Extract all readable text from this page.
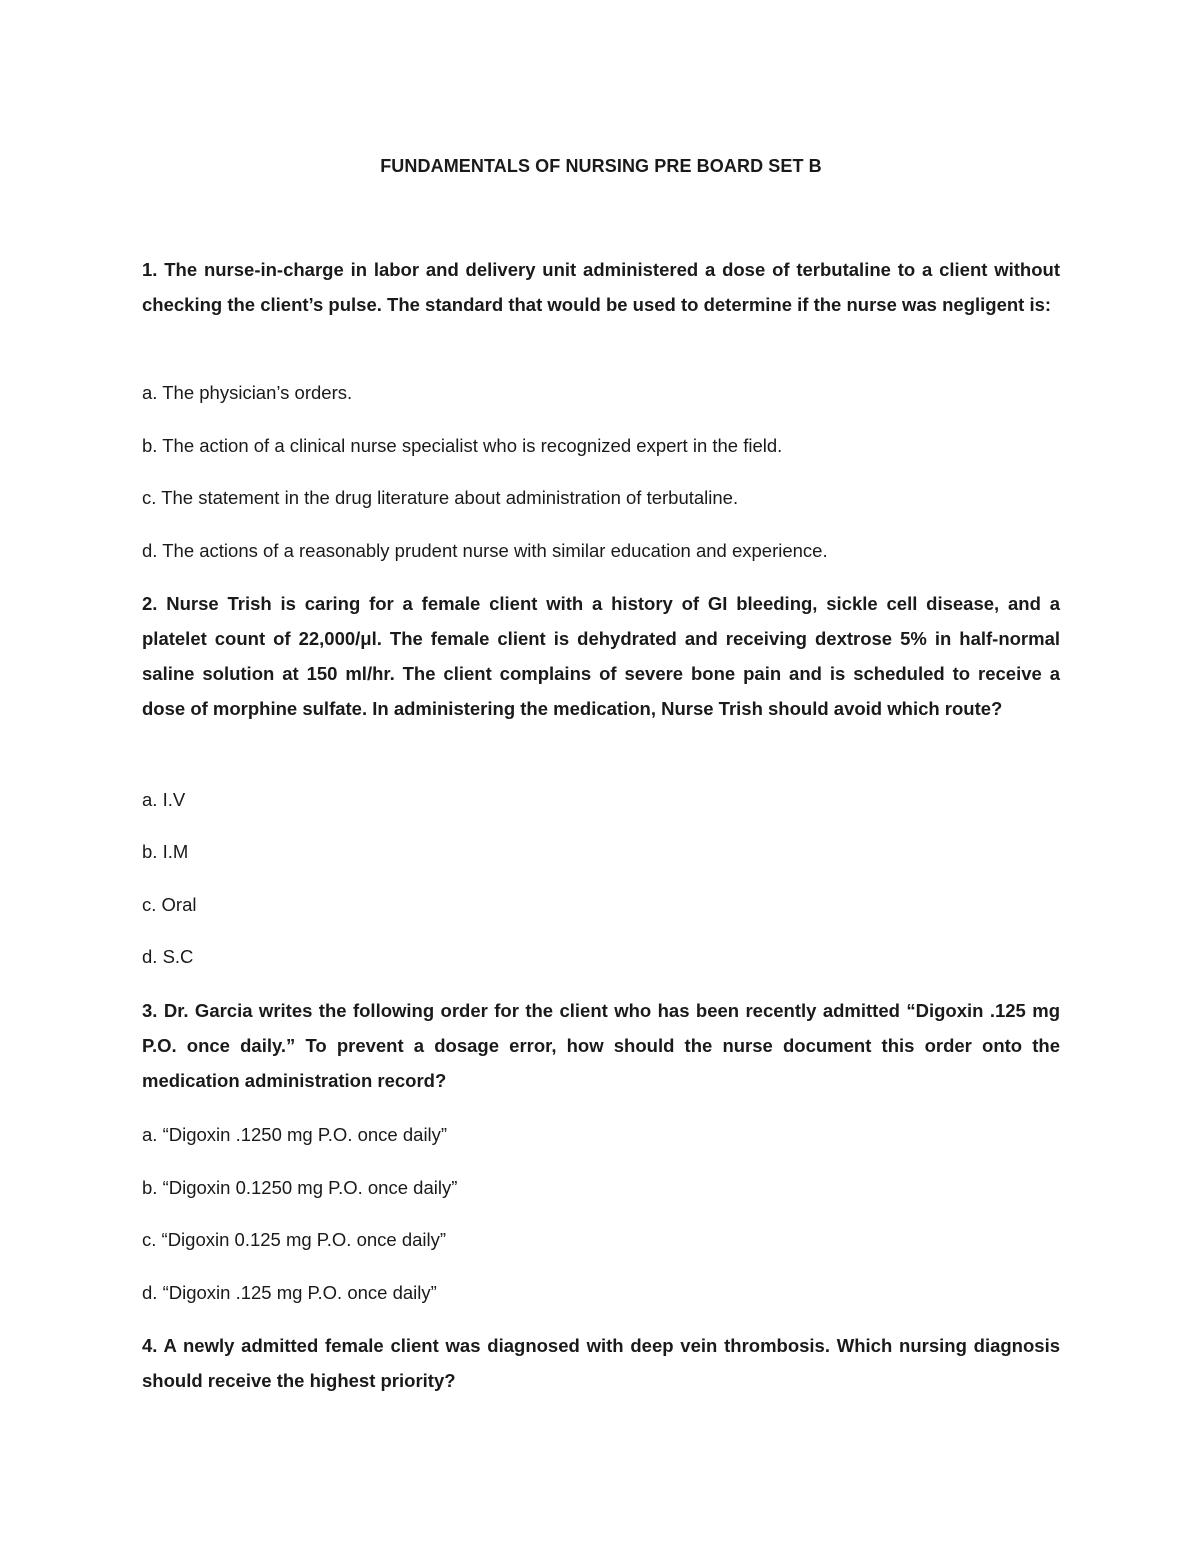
FUNDAMENTALS OF NURSING PRE BOARD SET B

1. The nurse-in-charge in labor and delivery unit administered a dose of terbutaline to a client without checking the client’s pulse. The standard that would be used to determine if the nurse was negligent is:

a. The physician’s orders.

b. The action of a clinical nurse specialist who is recognized expert in the field.

c. The statement in the drug literature about administration of terbutaline.

d. The actions of a reasonably prudent nurse with similar education and experience.

2. Nurse Trish is caring for a female client with a history of GI bleeding, sickle cell disease, and a platelet count of 22,000/μl. The female client is dehydrated and receiving dextrose 5% in half-normal saline solution at 150 ml/hr. The client complains of severe bone pain and is scheduled to receive a dose of morphine sulfate. In administering the medication, Nurse Trish should avoid which route?

a. I.V

b. I.M

c. Oral

d. S.C

3. Dr. Garcia writes the following order for the client who has been recently admitted “Digoxin .125 mg P.O. once daily.” To prevent a dosage error, how should the nurse document this order onto the medication administration record?

a. “Digoxin .1250 mg P.O. once daily”

b. “Digoxin 0.1250 mg P.O. once daily”

c. “Digoxin 0.125 mg P.O. once daily”

d. “Digoxin .125 mg P.O. once daily”

4. A newly admitted female client was diagnosed with deep vein thrombosis. Which nursing diagnosis should receive the highest priority?
